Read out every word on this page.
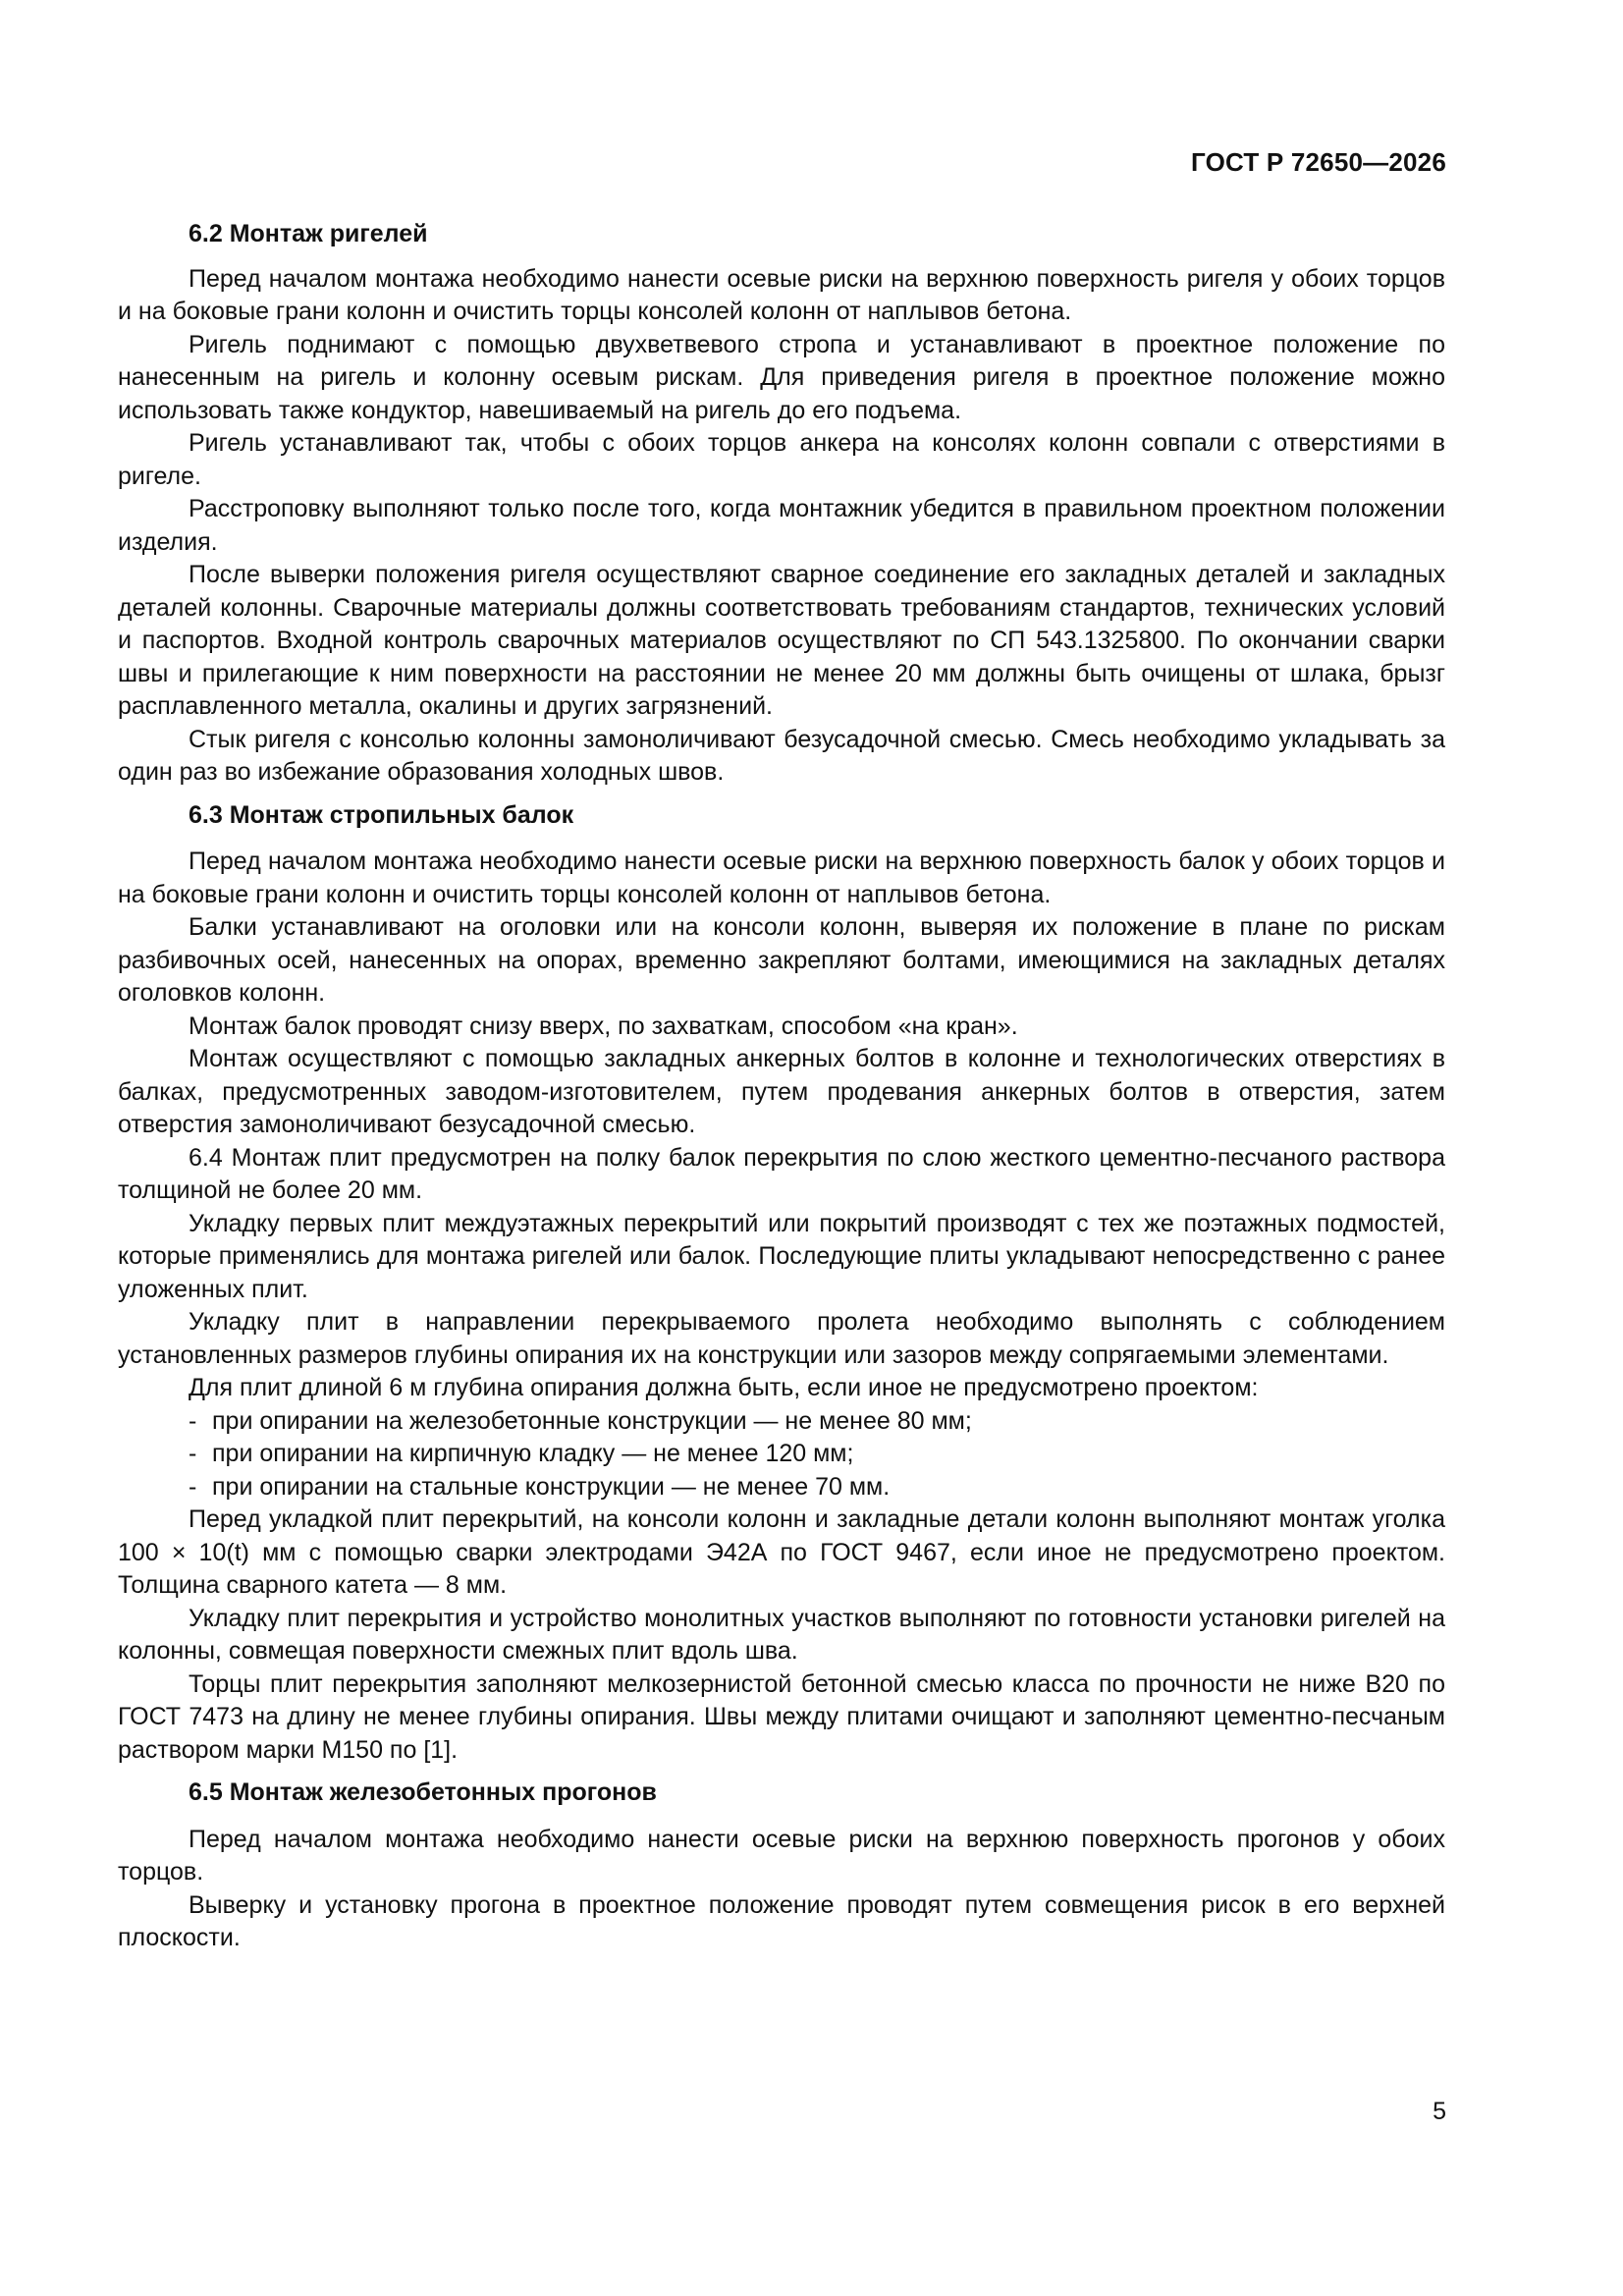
ГОСТ Р 72650—2026

6.2 Монтаж ригелей

Перед началом монтажа необходимо нанести осевые риски на верхнюю поверхность ригеля у обоих торцов и на боковые грани колонн и очистить торцы консолей колонн от наплывов бетона.

Ригель поднимают с помощью двухветвевого стропа и устанавливают в проектное положение по нанесенным на ригель и колонну осевым рискам. Для приведения ригеля в проектное положение можно использовать также кондуктор, навешиваемый на ригель до его подъема.

Ригель устанавливают так, чтобы с обоих торцов анкера на консолях колонн совпали с отверстиями в ригеле.

Расстроповку выполняют только после того, когда монтажник убедится в правильном проектном положении изделия.

После выверки положения ригеля осуществляют сварное соединение его закладных деталей и закладных деталей колонны. Сварочные материалы должны соответствовать требованиям стандартов, технических условий и паспортов. Входной контроль сварочных материалов осуществляют по СП 543.1325800. По окончании сварки швы и прилегающие к ним поверхности на расстоянии не менее 20 мм должны быть очищены от шлака, брызг расплавленного металла, окалины и других загрязнений.

Стык ригеля с консолью колонны замоноличивают безусадочной смесью. Смесь необходимо укладывать за один раз во избежание образования холодных швов.

6.3 Монтаж стропильных балок

Перед началом монтажа необходимо нанести осевые риски на верхнюю поверхность балок у обоих торцов и на боковые грани колонн и очистить торцы консолей колонн от наплывов бетона.

Балки устанавливают на оголовки или на консоли колонн, выверяя их положение в плане по рискам разбивочных осей, нанесенных на опорах, временно закрепляют болтами, имеющимися на закладных деталях оголовков колонн.

Монтаж балок проводят снизу вверх, по захваткам, способом «на кран».

Монтаж осуществляют с помощью закладных анкерных болтов в колонне и технологических отверстиях в балках, предусмотренных заводом-изготовителем, путем продевания анкерных болтов в отверстия, затем отверстия замоноличивают безусадочной смесью.

6.4 Монтаж плит предусмотрен на полку балок перекрытия по слою жесткого цементно-песчаного раствора толщиной не более 20 мм.

Укладку первых плит междуэтажных перекрытий или покрытий производят с тех же поэтажных подмостей, которые применялись для монтажа ригелей или балок. Последующие плиты укладывают непосредственно с ранее уложенных плит.

Укладку плит в направлении перекрываемого пролета необходимо выполнять с соблюдением установленных размеров глубины опирания их на конструкции или зазоров между сопрягаемыми элементами.

Для плит длиной 6 м глубина опирания должна быть, если иное не предусмотрено проектом:

- при опирании на железобетонные конструкции — не менее 80 мм;

- при опирании на кирпичную кладку — не менее 120 мм;

- при опирании на стальные конструкции — не менее 70 мм.

Перед укладкой плит перекрытий, на консоли колонн и закладные детали колонн выполняют монтаж уголка 100 × 10(t) мм с помощью сварки электродами Э42А по ГОСТ 9467, если иное не предусмотрено проектом. Толщина сварного катета — 8 мм.

Укладку плит перекрытия и устройство монолитных участков выполняют по готовности установки ригелей на колонны, совмещая поверхности смежных плит вдоль шва.

Торцы плит перекрытия заполняют мелкозернистой бетонной смесью класса по прочности не ниже В20 по ГОСТ 7473 на длину не менее глубины опирания. Швы между плитами очищают и заполняют цементно-песчаным раствором марки М150 по [1].

6.5 Монтаж железобетонных прогонов

Перед началом монтажа необходимо нанести осевые риски на верхнюю поверхность прогонов у обоих торцов.

Выверку и установку прогона в проектное положение проводят путем совмещения рисок в его верхней плоскости.

5
